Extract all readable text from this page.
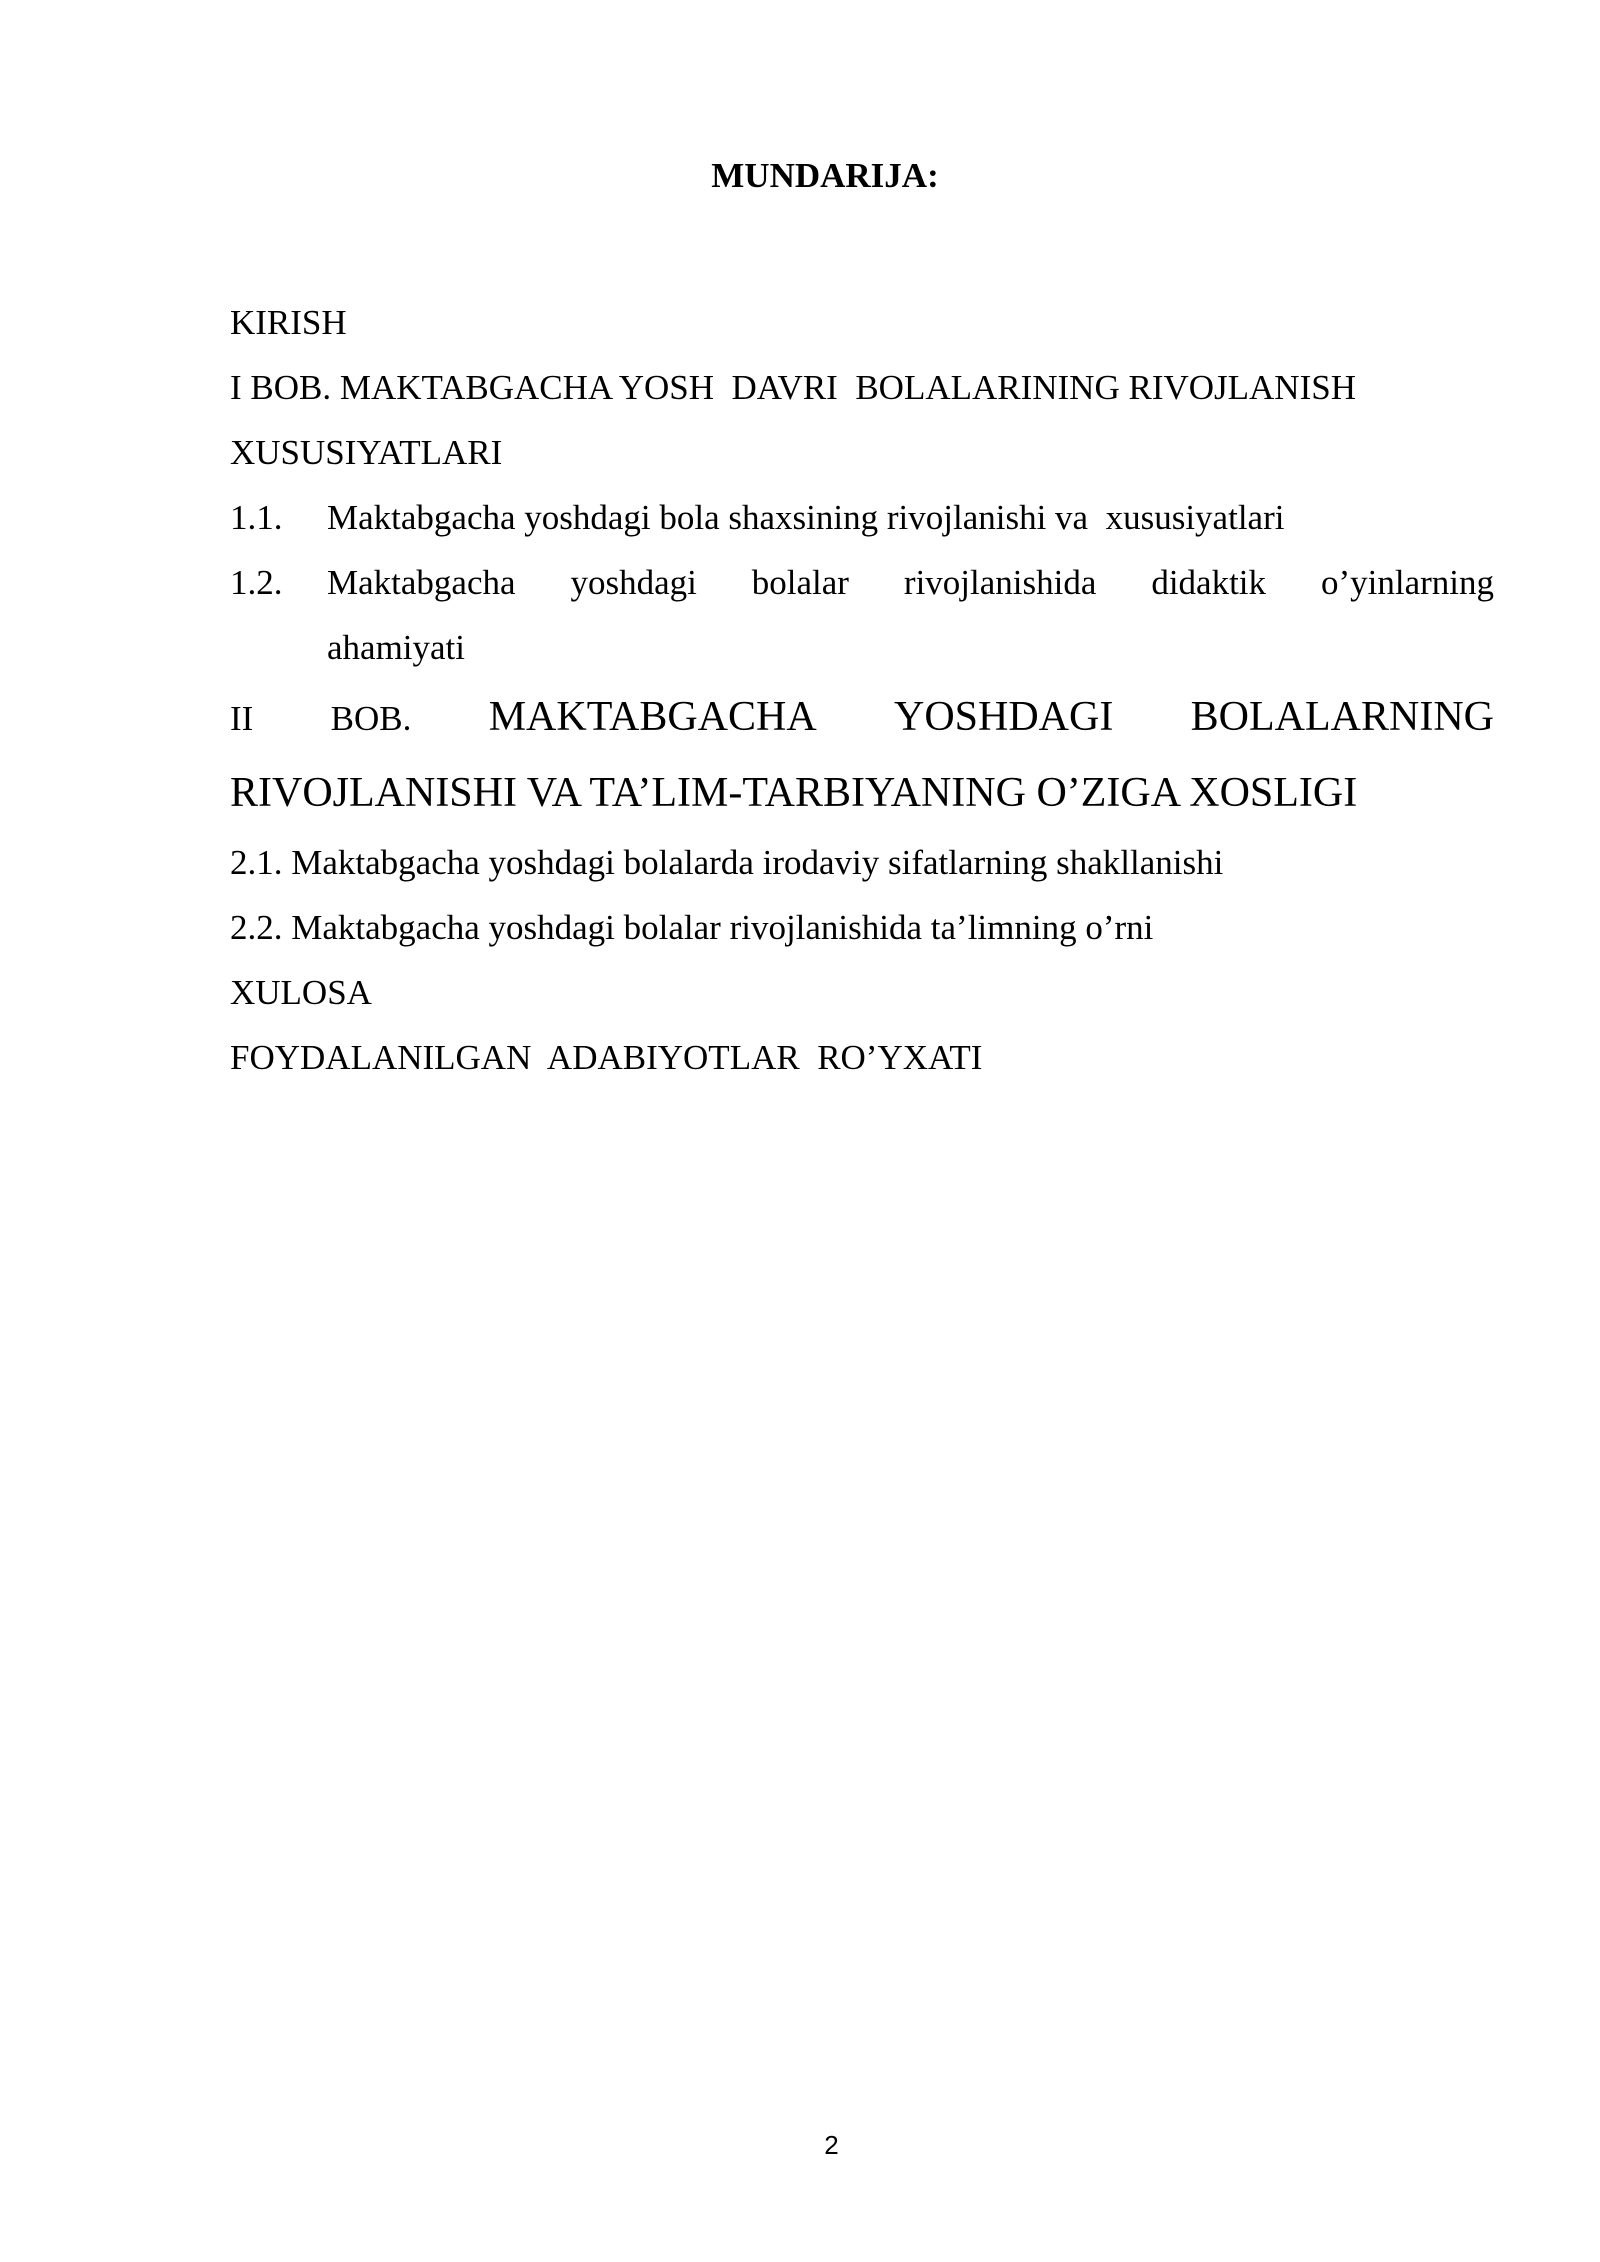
MUNDARIJA:

KIRISH

I BOB. MAKTABGACHA YOSH  DAVRI  BOLALARINING RIVOJLANISH

XUSUSIYATLARI

1.1.	Maktabgacha yoshdagi bola shaxsining rivojlanishi va  xususiyatlari
1.2.	Maktabgacha yoshdagi bolalar rivojlanishida didaktik o’yinlarning
ahamiyati
II BOB. MAKTABGACHA YOSHDAGI BOLALARNING

RIVOJLANISHI VA TA’LIM-TARBIYANING O’ZIGA XOSLIGI

2.1. Maktabgacha yoshdagi bolalarda irodaviy sifatlarning shakllanishi

2.2. Maktabgacha yoshdagi bolalar rivojlanishida ta’limning o’rni

XULOSA

FOYDALANILGAN  ADABIYOTLAR  RO’YXATI

2
